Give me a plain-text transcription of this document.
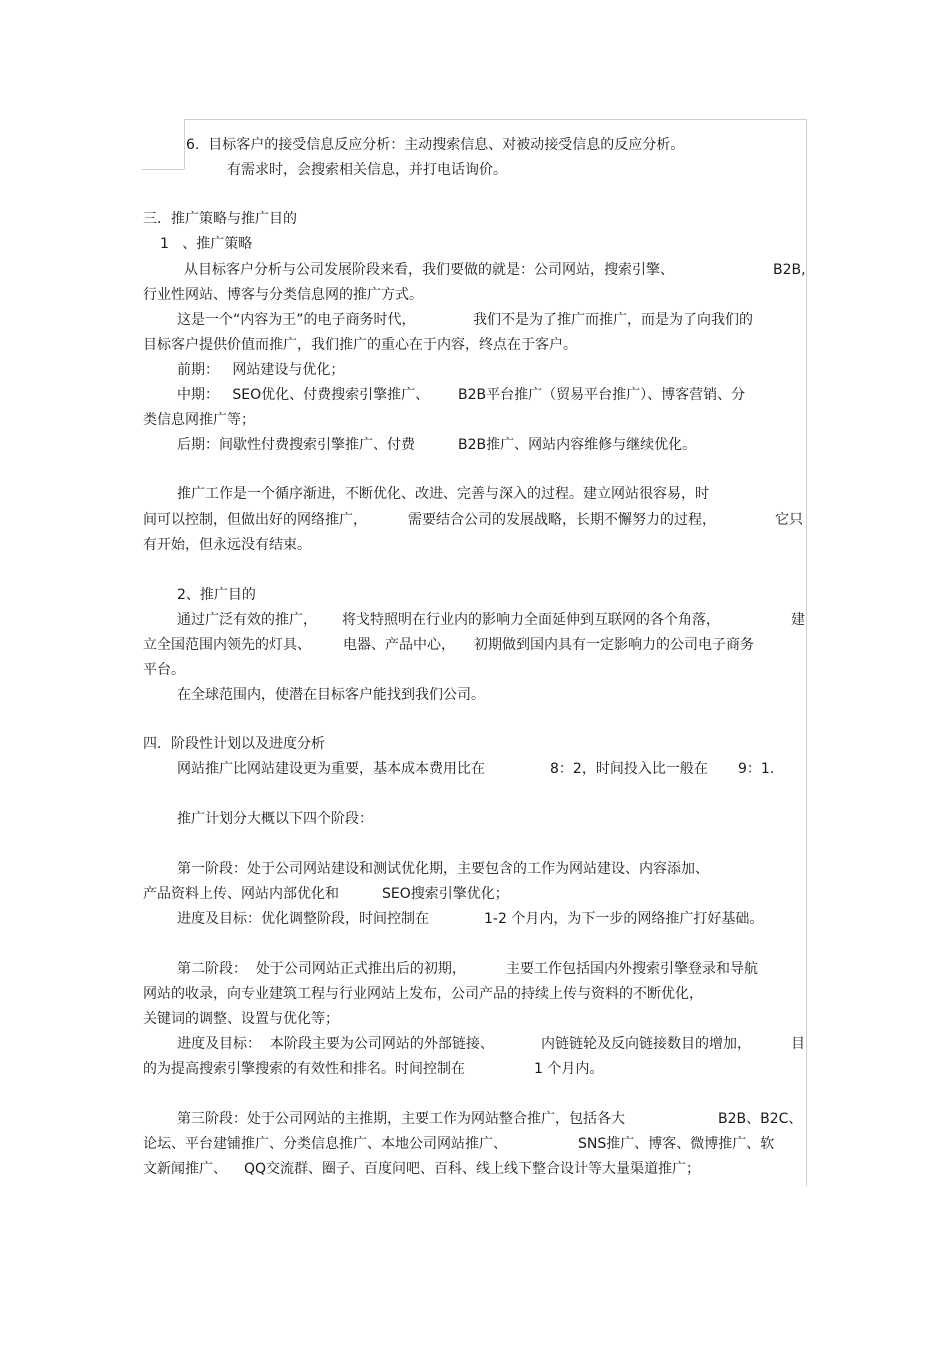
6.  目标客户的接受信息反应分析：主动搜索信息、对被动接受信息的反应分析。
有需求时，会搜索相关信息，并打电话询价。
三．推广策略与推广目的
1   、推广策略
从目标客户分析与公司发展阶段来看，我们要做的就是：公司网站，搜索引擎、	B2B,
行业性网站、博客与分类信息网的推广方式。
这是一个“内容为王”的电子商务时代，	我们不是为了推广而推广，而是为了向我们的
目标客户提供价值而推广，我们推广的重心在于内容，终点在于客户。
前期：   网站建设与优化；
中期：   SEO优化、付费搜索引擎推广、 B2B平台推广（贸易平台推广）、博客营销、分
类信息网推广等；
后期：间歇性付费搜索引擎推广、付费	B2B推广、网站内容维修与继续优化。
推广工作是一个循序渐进，不断优化、改进、完善与深入的过程。建立网站很容易，时
间可以控制，但做出好的网络推广，	需要结合公司的发展战略，长期不懈努力的过程，	它只
有开始，但永远没有结束。
2、推广目的
通过广泛有效的推广， 将戈特照明在行业内的影响力全面延伸到互联网的各个角落，	建
立全国范围内领先的灯具、 电器、产品中心， 初期做到国内具有一定影响力的公司电子商务
平台。
在全球范围内，使潜在目标客户能找到我们公司。
四．阶段性计划以及进度分析
网站推广比网站建设更为重要，基本成本费用比在	8：2，时间投入比一般在 9：1.
推广计划分大概以下四个阶段：
第一阶段：处于公司网站建设和测试优化期，主要包含的工作为网站建设、内容添加、
产品资料上传、网站内部优化和	SEO搜索引擎优化；
进度及目标：优化调整阶段，时间控制在	1-2 个月内，为下一步的网络推广打好基础。
第二阶段：  处于公司网站正式推出后的初期，	主要工作包括国内外搜索引擎登录和导航
网站的收录，向专业建筑工程与行业网站上发布，公司产品的持续上传与资料的不断优化，
关键词的调整、设置与优化等；
进度及目标：  本阶段主要为公司网站的外部链接、	内链链轮及反向链接数目的增加，	目
的为提高搜索引擎搜索的有效性和排名。时间控制在	1 个月内。
第三阶段：处于公司网站的主推期，主要工作为网站整合推广，包括各大	B2B、B2C、
论坛、平台建铺推广、分类信息推广、本地公司网站推广、	SNS推广、博客、微博推广、软
文新闻推广、 QQ交流群、圈子、百度问吧、百科、线上线下整合设计等大量渠道推广；
